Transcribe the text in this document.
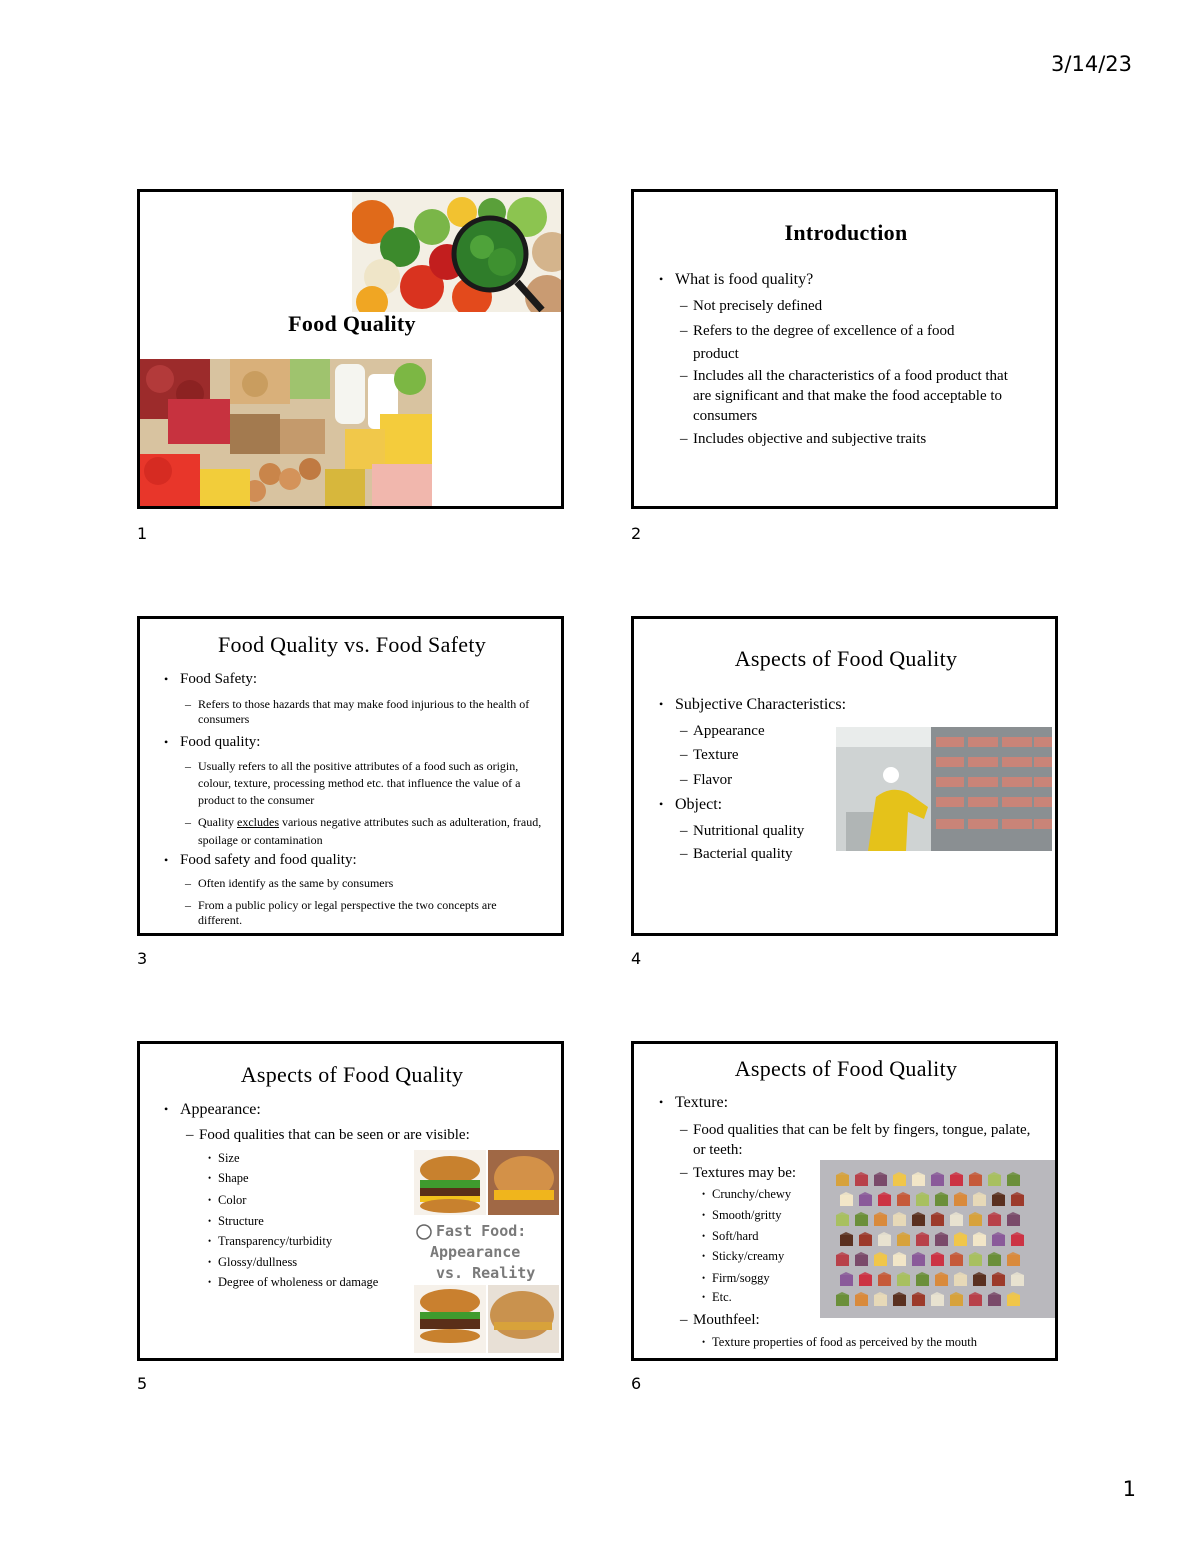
3/14/23
Food Quality
1
Introduction
• What is food quality?
– Not precisely defined
– Refers to the degree of excellence of a food product
– Includes all the characteristics of a food product that are significant and that make the food acceptable to consumers
– Includes objective and subjective traits
2
Food Quality vs. Food Safety
• Food Safety:
– Refers to those hazards that may make food injurious to the health of consumers
• Food quality:
– Usually refers to all the positive attributes of a food such as origin, colour, texture, processing method etc. that influence the value of a product to the consumer
– Quality excludes various negative attributes such as adulteration, fraud, spoilage or contamination
• Food safety and food quality:
– Often identify as the same by consumers
– From a public policy or legal perspective the two concepts are different.
3
Aspects of Food Quality
• Subjective Characteristics:
– Appearance
– Texture
– Flavor
• Object:
– Nutritional quality
– Bacterial quality
4
Aspects of Food Quality
• Appearance:
– Food qualities that can be seen or are visible:
• Size
• Shape
• Color
• Structure
• Transparency/turbidity
• Glossy/dullness
• Degree of wholeness or damage
Fast Food:
Appearance
vs. Reality
5
Aspects of Food Quality
• Texture:
– Food qualities that can be felt by fingers, tongue, palate, or teeth:
– Textures may be:
• Crunchy/chewy
• Smooth/gritty
• Soft/hard
• Sticky/creamy
• Firm/soggy
• Etc.
– Mouthfeel:
• Texture properties of food as perceived by the mouth
6
1
